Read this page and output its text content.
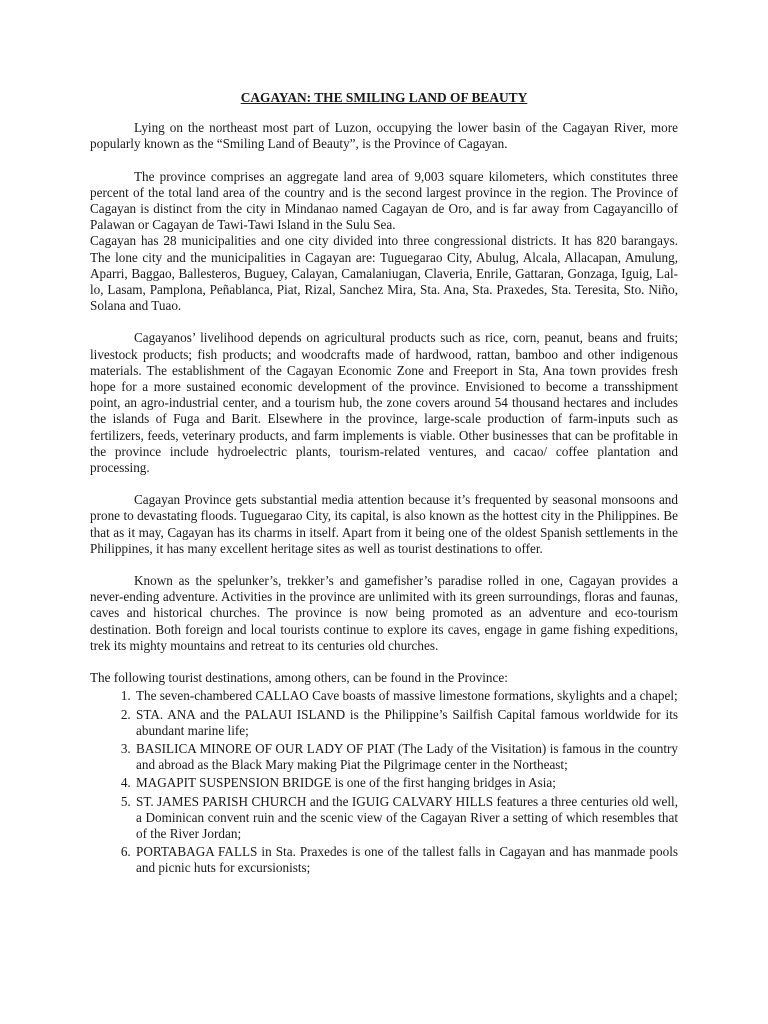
CAGAYAN: THE SMILING LAND OF BEAUTY

Lying on the northeast most part of Luzon, occupying the lower basin of the Cagayan River, more popularly known as the “Smiling Land of Beauty”, is the Province of Cagayan.

The province comprises an aggregate land area of 9,003 square kilometers, which constitutes three percent of the total land area of the country and is the second largest province in the region. The Province of Cagayan is distinct from the city in Mindanao named Cagayan de Oro, and is far away from Cagayancillo of Palawan or Cagayan de Tawi-Tawi Island in the Sulu Sea.

Cagayan has 28 municipalities and one city divided into three congressional districts. It has 820 barangays. The lone city and the municipalities in Cagayan are: Tuguegarao City, Abulug, Alcala, Allacapan, Amulung, Aparri, Baggao, Ballesteros, Buguey, Calayan, Camalaniugan, Claveria, Enrile, Gattaran, Gonzaga, Iguig, Lal-lo, Lasam, Pamplona, Peñablanca, Piat, Rizal, Sanchez Mira, Sta. Ana, Sta. Praxedes, Sta. Teresita, Sto. Niño, Solana and Tuao.

Cagayanos’ livelihood depends on agricultural products such as rice, corn, peanut, beans and fruits; livestock products; fish products; and woodcrafts made of hardwood, rattan, bamboo and other indigenous materials. The establishment of the Cagayan Economic Zone and Freeport in Sta, Ana town provides fresh hope for a more sustained economic development of the province. Envisioned to become a transshipment point, an agro-industrial center, and a tourism hub, the zone covers around 54 thousand hectares and includes the islands of Fuga and Barit. Elsewhere in the province, large-scale production of farm-inputs such as fertilizers, feeds, veterinary products, and farm implements is viable. Other businesses that can be profitable in the province include hydroelectric plants, tourism-related ventures, and cacao/ coffee plantation and processing.

Cagayan Province gets substantial media attention because it’s frequented by seasonal monsoons and prone to devastating floods. Tuguegarao City, its capital, is also known as the hottest city in the Philippines. Be that as it may, Cagayan has its charms in itself. Apart from it being one of the oldest Spanish settlements in the Philippines, it has many excellent heritage sites as well as tourist destinations to offer.

Known as the spelunker’s, trekker’s and gamefisher’s paradise rolled in one, Cagayan provides a never-ending adventure. Activities in the province are unlimited with its green surroundings, floras and faunas, caves and historical churches. The province is now being promoted as an adventure and eco-tourism destination. Both foreign and local tourists continue to explore its caves, engage in game fishing expeditions, trek its mighty mountains and retreat to its centuries old churches.

The following tourist destinations, among others, can be found in the Province:

1. The seven-chambered CALLAO Cave boasts of massive limestone formations, skylights and a chapel;
2. STA. ANA and the PALAUI ISLAND is the Philippine’s Sailfish Capital famous worldwide for its abundant marine life;
3. BASILICA MINORE OF OUR LADY OF PIAT (The Lady of the Visitation) is famous in the country and abroad as the Black Mary making Piat the Pilgrimage center in the Northeast;
4. MAGAPIT SUSPENSION BRIDGE is one of the first hanging bridges in Asia;
5. ST. JAMES PARISH CHURCH and the IGUIG CALVARY HILLS features a three centuries old well, a Dominican convent ruin and the scenic view of the Cagayan River a setting of which resembles that of the River Jordan;
6. PORTABAGA FALLS in Sta. Praxedes is one of the tallest falls in Cagayan and has manmade pools and picnic huts for excursionists;
